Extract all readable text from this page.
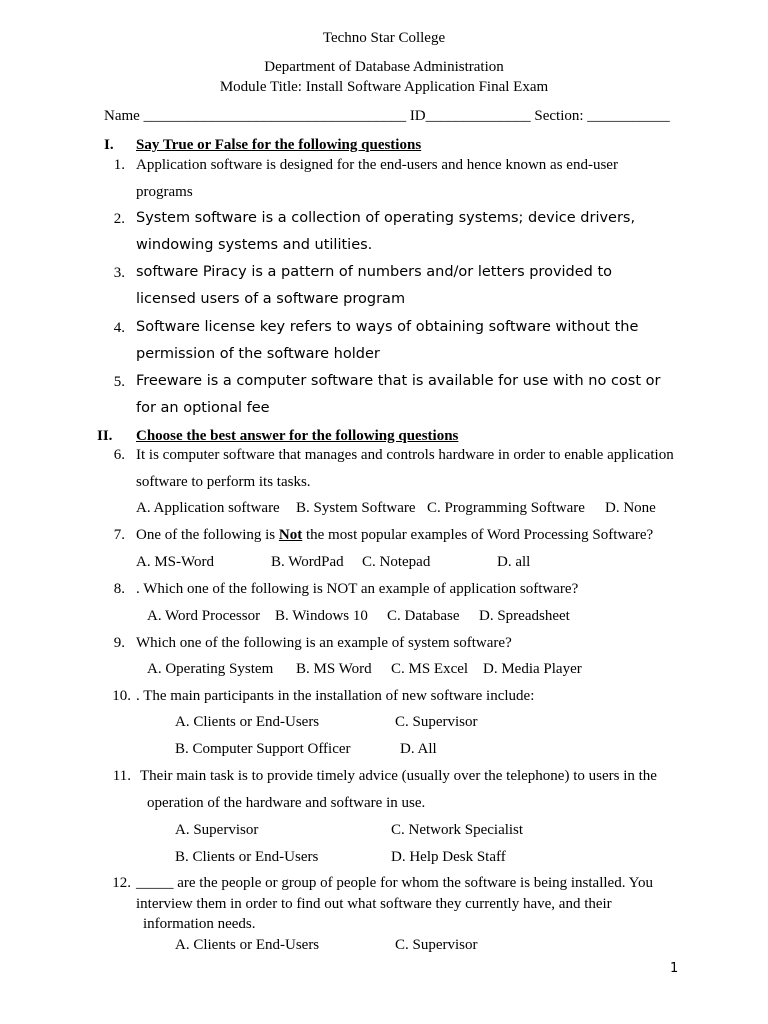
Techno Star College
Department of Database Administration
Module Title: Install Software Application Final Exam
Name ___________________________________ ID______________ Section: ___________
I. Say True or False for the following questions
1. Application software is designed for the end-users and hence known as end-user
programs
2. System software is a collection of operating systems; device drivers,
windowing systems and utilities.
3. software Piracy is a pattern of numbers and/or letters provided to
licensed users of a software program
4. Software license key refers to ways of obtaining software without the
permission of the software holder
5. Freeware is a computer software that is available for use with no cost or
for an optional fee
II. Choose the best answer for the following questions
6. It is computer software that manages and controls hardware in order to enable application
software to perform its tasks.
A. Application software B. System Software C. Programming Software D. None
7. One of the following is Not the most popular examples of Word Processing Software?
A. MS-Word	B. WordPad C. Notepad	D. all
8. . Which one of the following is NOT an example of application software?
A. Word Processor B. Windows 10 C. Database D. Spreadsheet
9. Which one of the following is an example of system software?
A. Operating System B. MS Word C. MS Excel D. Media Player
10. . The main participants in the installation of new software include:
A. Clients or End-Users	C. Supervisor
B. Computer Support Officer	D. All
11. Their main task is to provide timely advice (usually over the telephone) to users in the
operation of the hardware and software in use.
A. Supervisor	C. Network Specialist
B. Clients or End-Users	D. Help Desk Staff
12. _____ are the people or group of people for whom the software is being installed. You
interview them in order to find out what software they currently have, and their
information needs.
A. Clients or End-Users	C. Supervisor
1
